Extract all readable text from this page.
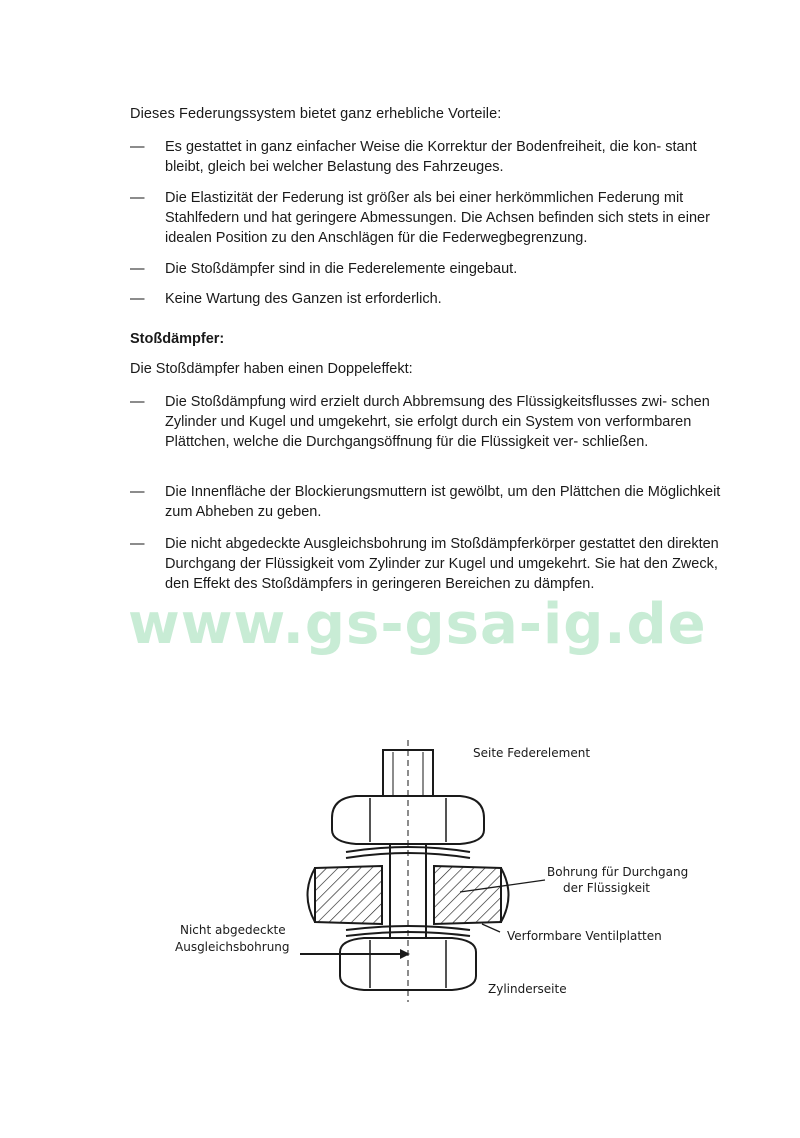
Dieses Federungssystem bietet ganz erhebliche Vorteile:
—	Es gestattet in ganz einfacher Weise die Korrektur der Bodenfreiheit, die kon- stant bleibt, gleich bei welcher Belastung des Fahrzeuges.
—	Die Elastizität der Federung ist größer als bei einer herkömmlichen Federung mit Stahlfedern und hat geringere Abmessungen. Die Achsen befinden sich stets in einer idealen Position zu den Anschlägen für die Federwegbegrenzung.
—	Die Stoßdämpfer sind in die Federelemente eingebaut.
—	Keine Wartung des Ganzen ist erforderlich.
Stoßdämpfer:
Die Stoßdämpfer haben einen Doppeleffekt:
—	Die Stoßdämpfung wird erzielt durch Abbremsung des Flüssigkeitsflusses zwi- schen Zylinder und Kugel und umgekehrt, sie erfolgt durch ein System von verformbaren Plättchen, welche die Durchgangsöffnung für die Flüssigkeit ver- schließen.
—	Die Innenfläche der Blockierungsmuttern ist gewölbt, um den Plättchen die Möglichkeit zum Abheben zu geben.
—	Die nicht abgedeckte Ausgleichsbohrung im Stoßdämpferkörper gestattet den direkten Durchgang der Flüssigkeit vom Zylinder zur Kugel und umgekehrt. Sie hat den Zweck, den Effekt des Stoßdämpfers in geringeren Bereichen zu dämpfen.
www.gs-gsa-ig.de
Seite Federelement
Bohrung für Durchgang
der Flüssigkeit
Nicht abgedeckte
Ausgleichsbohrung
Verformbare Ventilplatten
Zylinderseite
